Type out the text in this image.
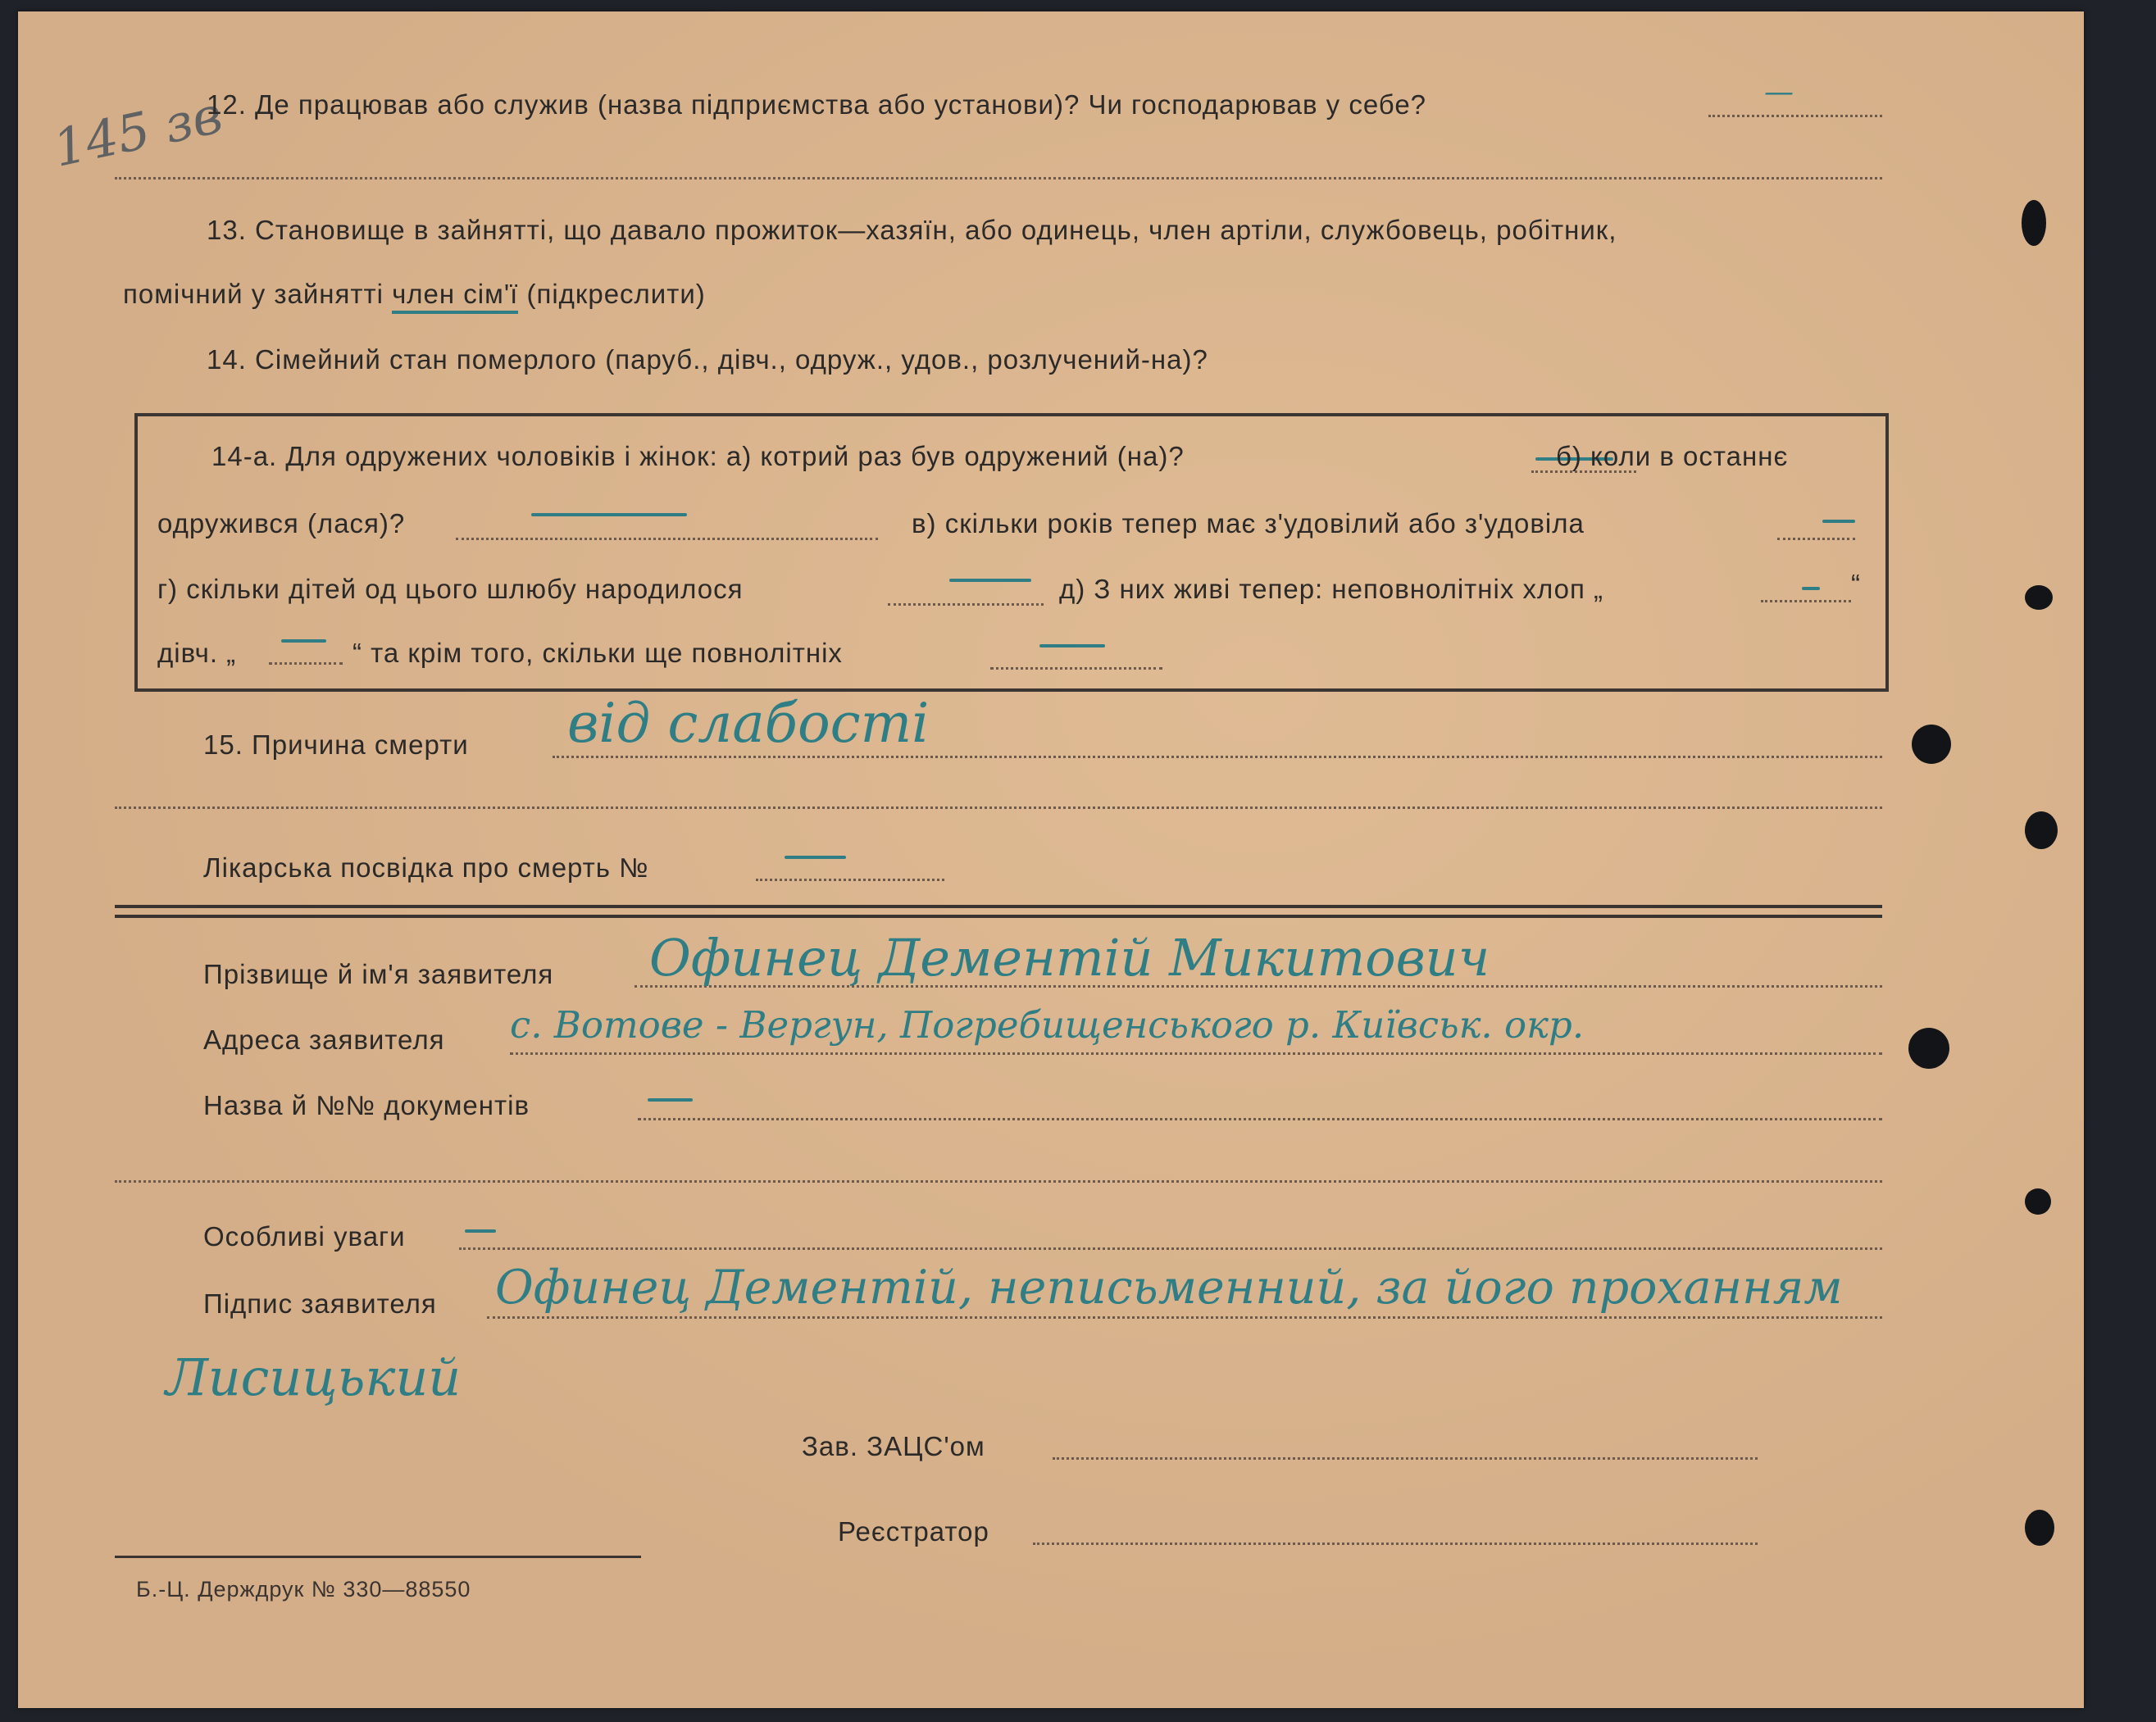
145 зв
12. Де працював або служив (назва підприємства або установи)? Чи господарював у себе?	—
13. Становище в зайнятті, що давало прожиток—хазяїн, або одинець, член артіли, службовець, робітник,
помічний у зайнятті член сім'ї (підкреслити)
14. Сімейний стан померлого (паруб., дівч., одруж., удов., розлучений-на)?
14-а. Для одружених чоловіків і жінок: а) котрий раз був одружений (на)?	б) коли в останнє
одружився (лася)?	в) скільки років тепер має з'удовілий або з'удовіла
г) скільки дітей од цього шлюбу народилося	д) З них живі тепер: неповнолітніх хлоп „	“
дівч. „	“ та крім того, скільки ще повнолітніх
15. Причина смерти від слабості
Лікарська посвідка про смерть №
Прізвище й ім'я заявителя Офинец Дементій Микитович
Адреса заявителя с. Вотове - Вергун, Погребищенського р. Київськ. окр.
Назва й №№ документів
Особливі уваги
Підпис заявителя Офинец Дементій, неписьменний, за його проханням
Лисицький
Зав. ЗАЦС'ом
Реєстратор
Б.-Ц. Держдрук № 330—88550
